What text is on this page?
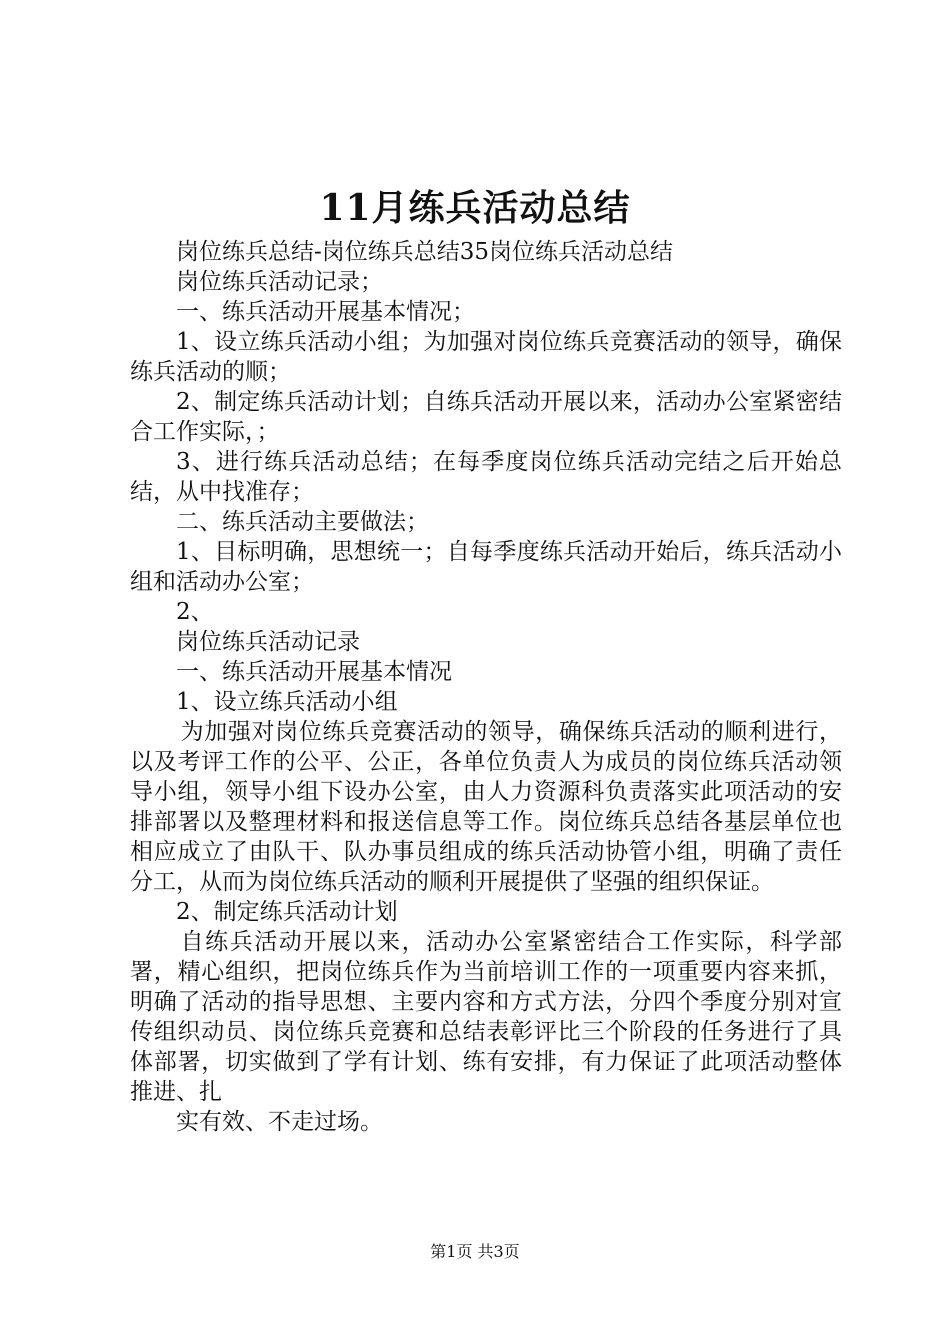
11月练兵活动总结

岗位练兵总结-岗位练兵总结35岗位练兵活动总结

岗位练兵活动记录；

一、练兵活动开展基本情况；

1、设立练兵活动小组；为加强对岗位练兵竞赛活动的领导，确保练兵活动的顺；

2、制定练兵活动计划；自练兵活动开展以来，活动办公室紧密结合工作实际，；

3、进行练兵活动总结；在每季度岗位练兵活动完结之后开始总结，从中找准存；

二、练兵活动主要做法；

1、目标明确，思想统一；自每季度练兵活动开始后，练兵活动小组和活动办公室；

2、

岗位练兵活动记录

一、练兵活动开展基本情况

1、设立练兵活动小组

为加强对岗位练兵竞赛活动的领导，确保练兵活动的顺利进行，以及考评工作的公平、公正，各单位负责人为成员的岗位练兵活动领导小组，领导小组下设办公室，由人力资源科负责落实此项活动的安排部署以及整理材料和报送信息等工作。岗位练兵总结各基层单位也相应成立了由队干、队办事员组成的练兵活动协管小组，明确了责任分工，从而为岗位练兵活动的顺利开展提供了坚强的组织保证。

2、制定练兵活动计划

自练兵活动开展以来，活动办公室紧密结合工作实际，科学部署，精心组织，把岗位练兵作为当前培训工作的一项重要内容来抓，明确了活动的指导思想、主要内容和方式方法，分四个季度分别对宣传组织动员、岗位练兵竞赛和总结表彰评比三个阶段的任务进行了具体部署，切实做到了学有计划、练有安排，有力保证了此项活动整体推进、扎

实有效、不走过场。

第1页 共3页
